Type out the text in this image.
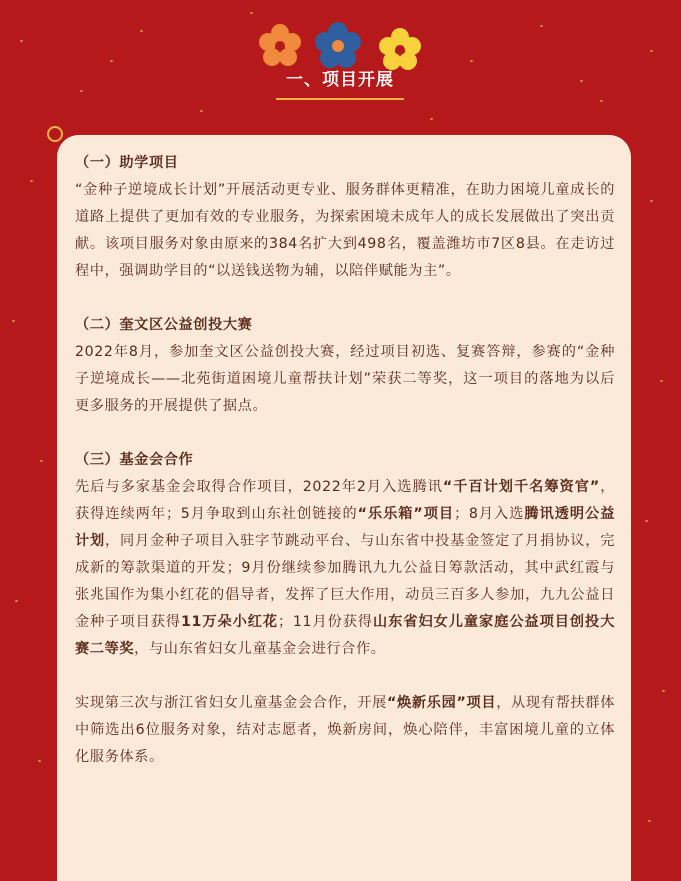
一、项目开展
（一）助学项目

“金种子逆境成长计划”开展活动更专业、服务群体更精准，在助力困境儿童成长的道路上提供了更加有效的专业服务，为探索困境未成年人的成长发展做出了突出贡献。该项目服务对象由原来的384名扩大到498名，覆盖潍坊市7区8县。在走访过程中，强调助学目的“以送钱送物为辅，以陪伴赋能为主”。

（二）奎文区公益创投大赛

2022年8月，参加奎文区公益创投大赛，经过项目初选、复赛答辩，参赛的“金种子逆境成长——北苑街道困境儿童帮扶计划”荣获二等奖，这一项目的落地为以后更多服务的开展提供了据点。

（三）基金会合作

先后与多家基金会取得合作项目，2022年2月入选腾讯“千百计划千名筹资官”，获得连续两年；5月争取到山东社创链接的“乐乐箱”项目；8月入选腾讯透明公益计划，同月金种子项目入驻字节跳动平台、与山东省中投基金签定了月捐协议，完成新的筹款渠道的开发；9月份继续参加腾讯九九公益日筹款活动，其中武红霞与张兆国作为集小红花的倡导者，发挥了巨大作用，动员三百多人参加，九九公益日金种子项目获得11万朵小红花；11月份获得山东省妇女儿童家庭公益项目创投大赛二等奖，与山东省妇女儿童基金会进行合作。

实现第三次与浙江省妇女儿童基金会合作，开展“焕新乐园”项目，从现有帮扶群体中筛选出6位服务对象，结对志愿者，焕新房间，焕心陪伴，丰富困境儿童的立体化服务体系。
